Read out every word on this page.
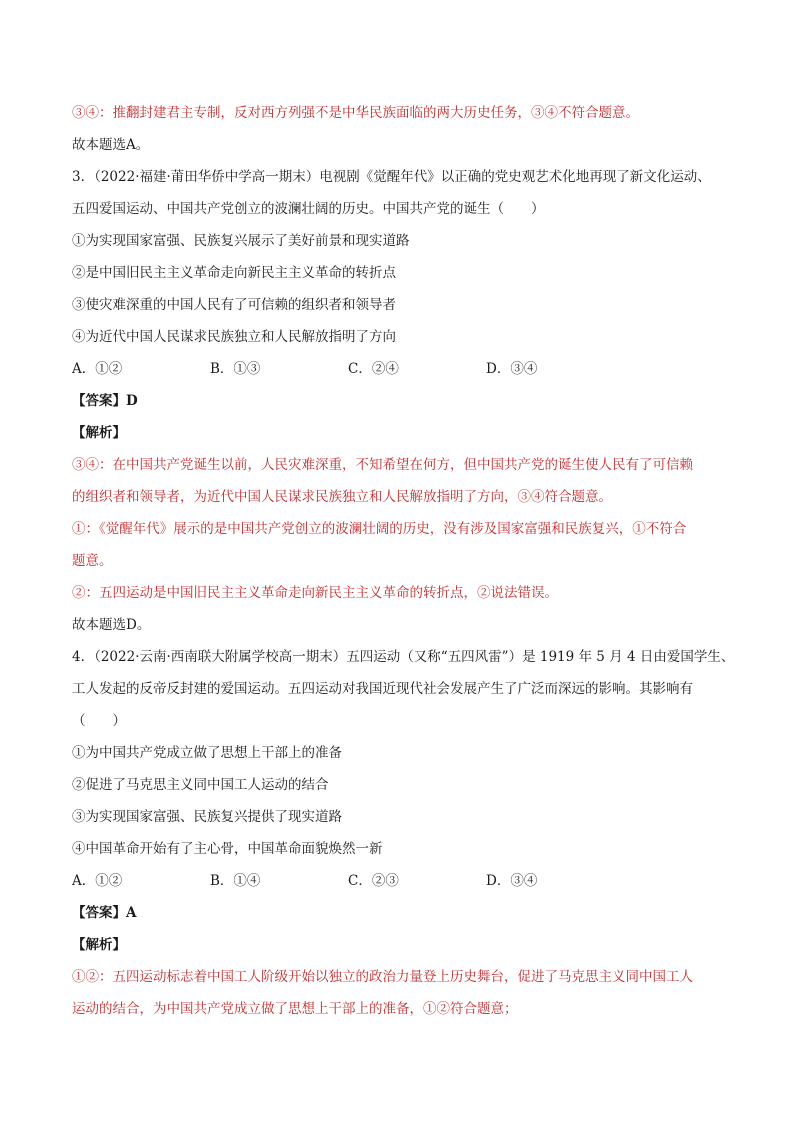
③④：推翻封建君主专制，反对西方列强不是中华民族面临的两大历史任务，③④不符合题意。
故本题选A。
3．（2022·福建·莆田华侨中学高一期末）电视剧《觉醒年代》以正确的党史观艺术化地再现了新文化运动、
五四爱国运动、中国共产党创立的波澜壮阔的历史。中国共产党的诞生（　　）
①为实现国家富强、民族复兴展示了美好前景和现实道路
②是中国旧民主主义革命走向新民主主义革命的转折点
③使灾难深重的中国人民有了可信赖的组织者和领导者
④为近代中国人民谋求民族独立和人民解放指明了方向
A．①②	B．①③	C．②④	D．③④
【答案】D
【解析】
③④：在中国共产党诞生以前，人民灾难深重，不知希望在何方，但中国共产党的诞生使人民有了可信赖
的组织者和领导者，为近代中国人民谋求民族独立和人民解放指明了方向，③④符合题意。
①：《觉醒年代》展示的是中国共产党创立的波澜壮阔的历史，没有涉及国家富强和民族复兴，①不符合
题意。
②：五四运动是中国旧民主主义革命走向新民主主义革命的转折点，②说法错误。
故本题选D。
4．（2022·云南·西南联大附属学校高一期末）五四运动（又称“五四风雷”）是 1919 年 5 月 4 日由爱国学生、
工人发起的反帝反封建的爱国运动。五四运动对我国近现代社会发展产生了广泛而深远的影响。其影响有
（　　）
①为中国共产党成立做了思想上干部上的准备
②促进了马克思主义同中国工人运动的结合
③为实现国家富强、民族复兴提供了现实道路
④中国革命开始有了主心骨，中国革命面貌焕然一新
A．①②	B．①④	C．②③	D．③④
【答案】A
【解析】
①②：五四运动标志着中国工人阶级开始以独立的政治力量登上历史舞台，促进了马克思主义同中国工人
运动的结合，为中国共产党成立做了思想上干部上的准备，①②符合题意；
